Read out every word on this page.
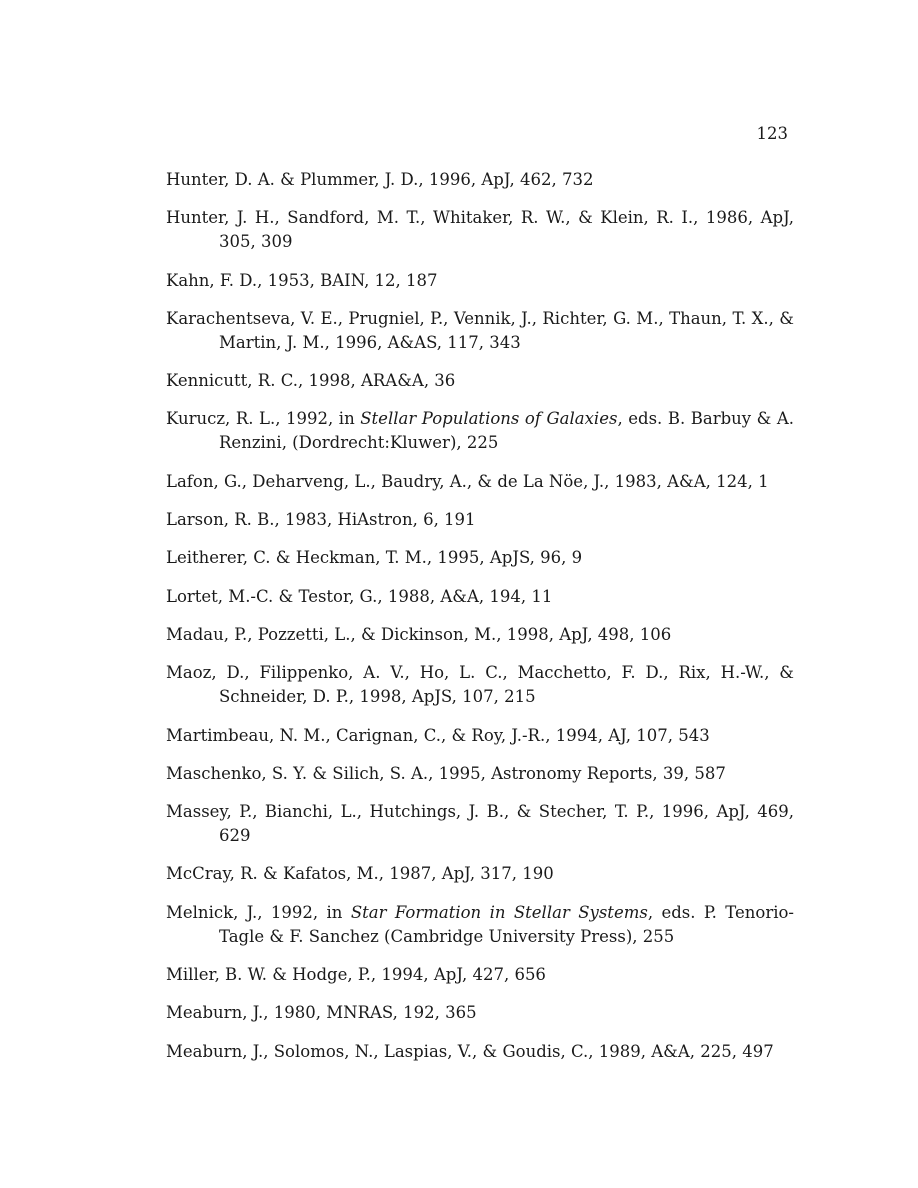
123
Hunter, D. A. & Plummer, J. D., 1996, ApJ, 462, 732
Hunter, J. H., Sandford, M. T., Whitaker, R. W., & Klein, R. I., 1986, ApJ, 305, 309
Kahn, F. D., 1953, BAIN, 12, 187
Karachentseva, V. E., Prugniel, P., Vennik, J., Richter, G. M., Thaun, T. X., & Martin, J. M., 1996, A&AS, 117, 343
Kennicutt, R. C., 1998, ARA&A, 36
Kurucz, R. L., 1992, in Stellar Populations of Galaxies, eds. B. Barbuy & A. Renzini, (Dordrecht:Kluwer), 225
Lafon, G., Deharveng, L., Baudry, A., & de La Nöe, J., 1983, A&A, 124, 1
Larson, R. B., 1983, HiAstron, 6, 191
Leitherer, C. & Heckman, T. M., 1995, ApJS, 96, 9
Lortet, M.-C. & Testor, G., 1988, A&A, 194, 11
Madau, P., Pozzetti, L., & Dickinson, M., 1998, ApJ, 498, 106
Maoz, D., Filippenko, A. V., Ho, L. C., Macchetto, F. D., Rix, H.-W., & Schneider, D. P., 1998, ApJS, 107, 215
Martimbeau, N. M., Carignan, C., & Roy, J.-R., 1994, AJ, 107, 543
Maschenko, S. Y. & Silich, S. A., 1995, Astronomy Reports, 39, 587
Massey, P., Bianchi, L., Hutchings, J. B., & Stecher, T. P., 1996, ApJ, 469, 629
McCray, R. & Kafatos, M., 1987, ApJ, 317, 190
Melnick, J., 1992, in Star Formation in Stellar Systems, eds. P. Tenorio-Tagle & F. Sanchez (Cambridge University Press), 255
Miller, B. W. & Hodge, P., 1994, ApJ, 427, 656
Meaburn, J., 1980, MNRAS, 192, 365
Meaburn, J., Solomos, N., Laspias, V., & Goudis, C., 1989, A&A, 225, 497
